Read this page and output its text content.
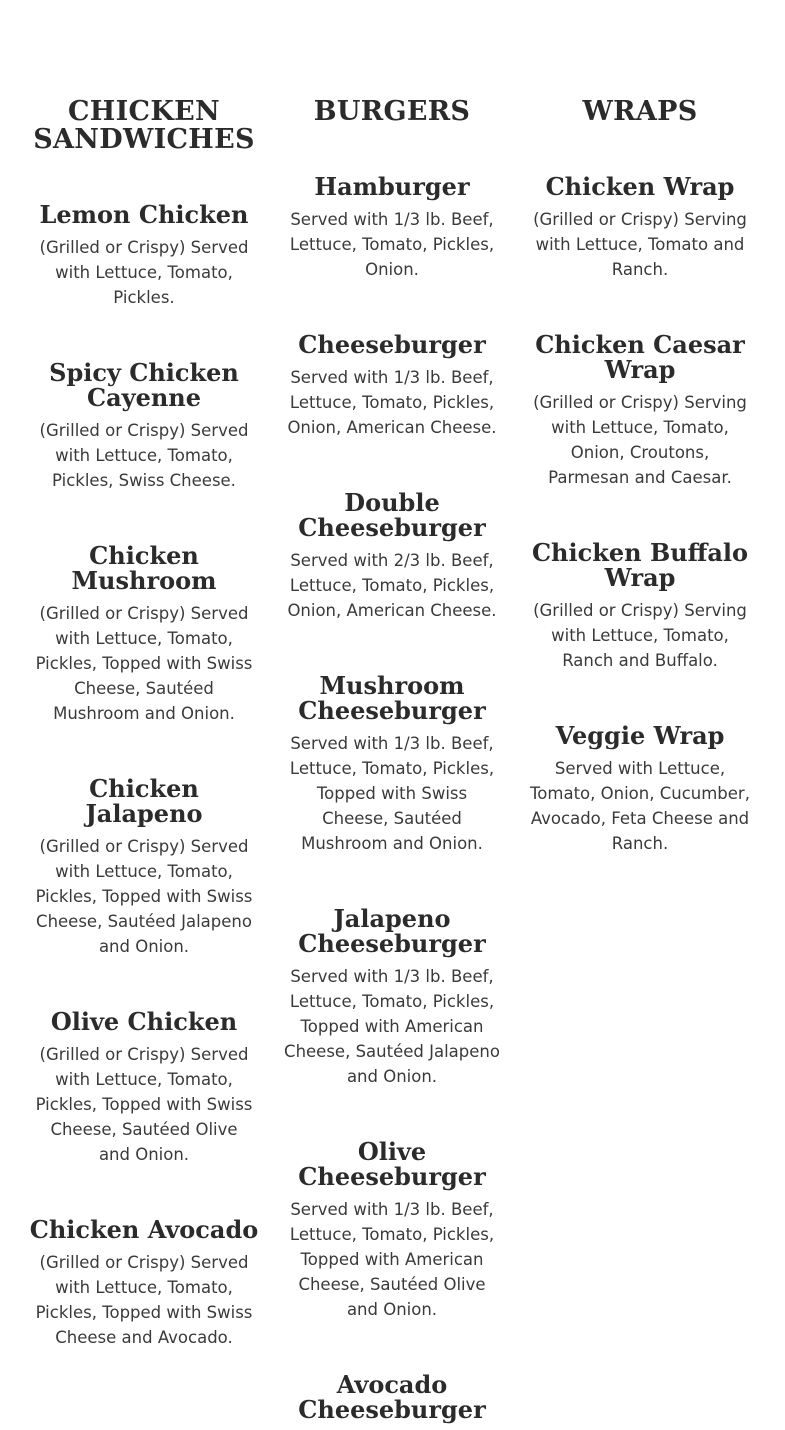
CHICKEN SANDWICHES
Lemon Chicken

(Grilled or Crispy) Served with Lettuce, Tomato, Pickles.

Spicy Chicken Cayenne

(Grilled or Crispy) Served with Lettuce, Tomato, Pickles, Swiss Cheese.

Chicken Mushroom

(Grilled or Crispy) Served with Lettuce, Tomato, Pickles, Topped with Swiss Cheese, Sautéed Mushroom and Onion.

Chicken Jalapeno

(Grilled or Crispy) Served with Lettuce, Tomato, Pickles, Topped with Swiss Cheese, Sautéed Jalapeno and Onion.

Olive Chicken

(Grilled or Crispy) Served with Lettuce, Tomato, Pickles, Topped with Swiss Cheese, Sautéed Olive and Onion.

Chicken Avocado

(Grilled or Crispy) Served with Lettuce, Tomato, Pickles, Topped with Swiss Cheese and Avocado.

BURGERS
Hamburger

Served with 1/3 lb. Beef, Lettuce, Tomato, Pickles, Onion.

Cheeseburger

Served with 1/3 lb. Beef, Lettuce, Tomato, Pickles, Onion, American Cheese.

Double Cheeseburger

Served with 2/3 lb. Beef, Lettuce, Tomato, Pickles, Onion, American Cheese.

Mushroom Cheeseburger

Served with 1/3 lb. Beef, Lettuce, Tomato, Pickles, Topped with Swiss Cheese, Sautéed Mushroom and Onion.

Jalapeno Cheeseburger

Served with 1/3 lb. Beef, Lettuce, Tomato, Pickles, Topped with American Cheese, Sautéed Jalapeno and Onion.

Olive Cheeseburger

Served with 1/3 lb. Beef, Lettuce, Tomato, Pickles, Topped with American Cheese, Sautéed Olive and Onion.

Avocado Cheeseburger

WRAPS
Chicken Wrap

(Grilled or Crispy) Serving with Lettuce, Tomato and Ranch.

Chicken Caesar Wrap

(Grilled or Crispy) Serving with Lettuce, Tomato, Onion, Croutons, Parmesan and Caesar.

Chicken Buffalo Wrap

(Grilled or Crispy) Serving with Lettuce, Tomato, Ranch and Buffalo.

Veggie Wrap

Served with Lettuce, Tomato, Onion, Cucumber, Avocado, Feta Cheese and Ranch.
